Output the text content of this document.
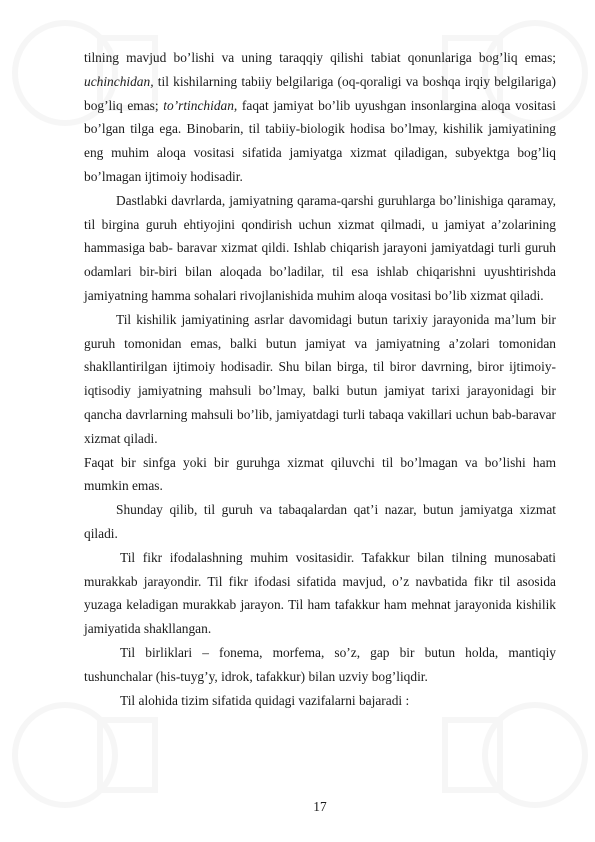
tilning mavjud bo’lishi va uning taraqqiy qilishi tabiat qonunlariga bog’liq emas; uchinchidan, til kishilarning tabiiy belgilariga (oq-qoraligi va boshqa irqiy belgilariga) bog’liq emas; to’rtinchidan, faqat jamiyat bo’lib uyushgan insonlargina aloqa vositasi bo’lgan tilga ega. Binobarin, til tabiiy-biologik hodisa bo’lmay, kishilik jamiyatining eng muhim aloqa vositasi sifatida jamiyatga xizmat qiladigan, subyektga bog’liq bo’lmagan ijtimoiy hodisadir.

Dastlabki davrlarda, jamiyatning qarama-qarshi guruhlarga bo’linishiga qaramay, til birgina guruh ehtiyojini qondirish uchun xizmat qilmadi, u jamiyat a’zolarining hammasiga bab- baravar xizmat qildi. Ishlab chiqarish jarayoni jamiyatdagi turli guruh odamlari bir-biri bilan aloqada bo’ladilar, til esa ishlab chiqarishni uyushtirishda jamiyatning hamma sohalari rivojlanishida muhim aloqa vositasi bo’lib xizmat qiladi.

Til kishilik jamiyatining asrlar davomidagi butun tarixiy jarayonida ma’lum bir guruh tomonidan emas, balki butun jamiyat va jamiyatning a’zolari tomonidan shakllantirilgan ijtimoiy hodisadir. Shu bilan birga, til biror davrning, biror ijtimoiy-iqtisodiy jamiyatning mahsuli bo’lmay, balki butun jamiyat tarixi jarayonidagi bir qancha davrlarning mahsuli bo’lib, jamiyatdagi turli tabaqa vakillari uchun bab-baravar xizmat qiladi.

Faqat bir sinfga yoki bir guruhga xizmat qiluvchi til bo’lmagan va bo’lishi ham mumkin emas.

Shunday qilib, til guruh va tabaqalardan qat’i nazar, butun jamiyatga xizmat qiladi.

Til fikr ifodalashning muhim vositasidir. Tafakkur bilan tilning munosabati murakkab jarayondir. Til fikr ifodasi sifatida mavjud, o’z navbatida fikr til asosida yuzaga keladigan murakkab jarayon. Til ham tafakkur ham mehnat jarayonida kishilik jamiyatida shakllangan.

Til birliklari – fonema, morfema, so’z, gap bir butun holda, mantiqiy tushunchalar (his-tuyg’y, idrok, tafakkur) bilan uzviy bog’liqdir.

Til alohida tizim sifatida quidagi vazifalarni bajaradi :

17
